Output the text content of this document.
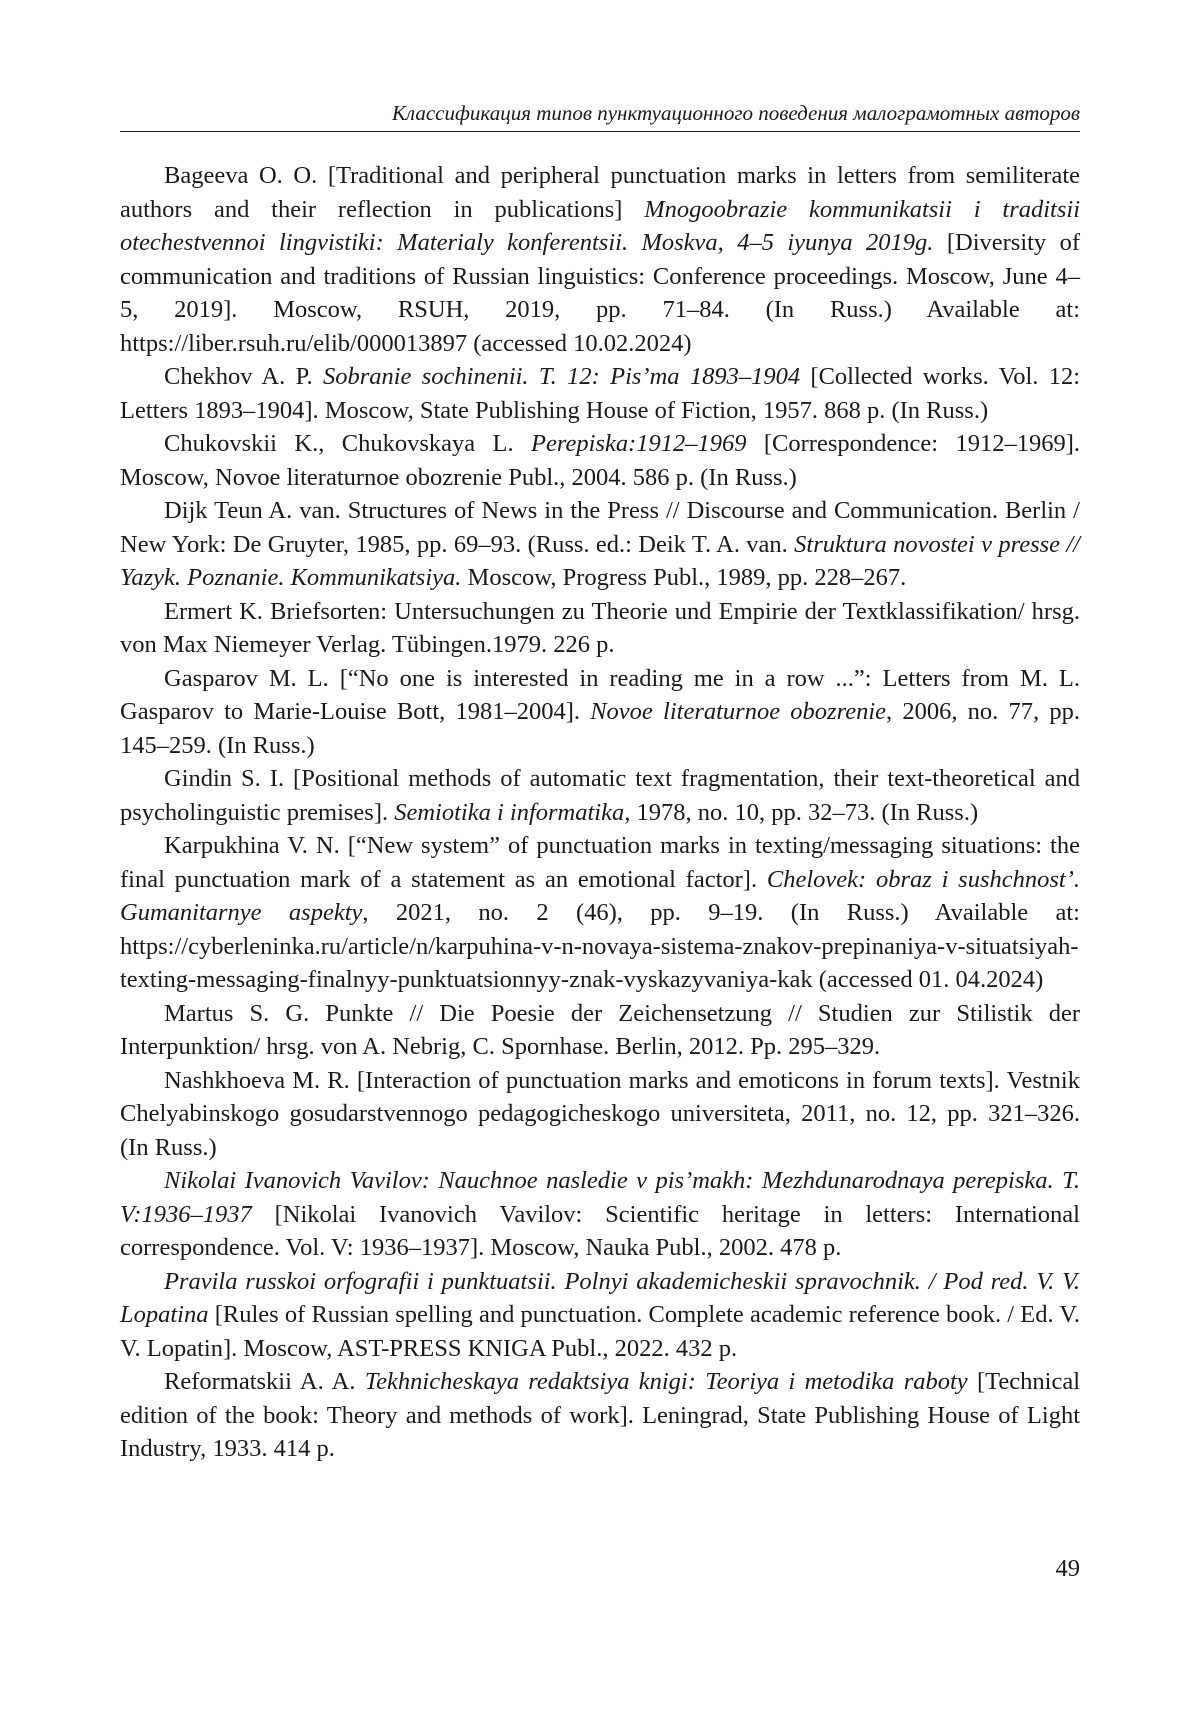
Классификация типов пунктуационного поведения малограмотных авторов

Bageeva O. O. [Traditional and peripheral punctuation marks in letters from semiliterate authors and their reflection in publications] Mnogoobrazie kommunikatsii i traditsii otechestvennoi lingvistiki: Materialy konferentsii. Moskva, 4–5 iyunya 2019g. [Diversity of communication and traditions of Russian linguistics: Conference proceedings. Moscow, June 4–5, 2019]. Moscow, RSUH, 2019, pp. 71–84. (In Russ.) Available at: https://liber.rsuh.ru/elib/000013897 (accessed 10.02.2024)

Chekhov A. P. Sobranie sochinenii. T. 12: Pis’ma 1893–1904 [Collected works. Vol. 12: Letters 1893–1904]. Moscow, State Publishing House of Fiction, 1957. 868 p. (In Russ.)

Chukovskii K., Chukovskaya L. Perepiska:1912–1969 [Correspondence: 1912–1969]. Moscow, Novoe literaturnoe obozrenie Publ., 2004. 586 p. (In Russ.)

Dijk Teun A. van. Structures of News in the Press // Discourse and Communication. Berlin / New York: De Gruyter, 1985, pp. 69–93. (Russ. ed.: Deik T. A. van. Struktura novostei v presse // Yazyk. Poznanie. Kommunikatsiya. Moscow, Progress Publ., 1989, pp. 228–267.

Ermert K. Briefsorten: Untersuchungen zu Theorie und Empirie der Textklassifikation/ hrsg. von Max Niemeyer Verlag. Tübingen.1979. 226 p.

Gasparov M. L. [“No one is interested in reading me in a row ...”: Letters from M. L. Gasparov to Marie-Louise Bott, 1981–2004]. Novoe literaturnoe obozrenie, 2006, no. 77, pp. 145–259. (In Russ.)

Gindin S. I. [Positional methods of automatic text fragmentation, their text-theoretical and psycholinguistic premises]. Semiotika i informatika, 1978, no. 10, pp. 32–73. (In Russ.)

Karpukhina V. N. [“New system” of punctuation marks in texting/messaging situations: the final punctuation mark of a statement as an emotional factor]. Chelovek: obraz i sushchnost’. Gumanitarnye aspekty, 2021, no. 2 (46), pp. 9–19. (In Russ.) Available at: https://cyberleninka.ru/article/n/karpuhina-v-n-novaya-sistema-znakov-prepinaniya-v-situatsiyah-texting-messaging-finalnyy-punktuatsionnyy-znak-vyskazyvaniya-kak (accessed 01. 04.2024)

Martus S. G. Punkte // Die Poesie der Zeichensetzung // Studien zur Stilistik der Interpunktion/ hrsg. von A. Nebrig, C. Spornhase. Berlin, 2012. Pp. 295–329.

Nashkhoeva M. R. [Interaction of punctuation marks and emoticons in forum texts]. Vestnik Chelyabinskogo gosudarstvennogo pedagogicheskogo universiteta, 2011, no. 12, pp. 321–326. (In Russ.)

Nikolai Ivanovich Vavilov: Nauchnoe nasledie v pis’makh: Mezhdunarodnaya perepiska. T. V:1936–1937 [Nikolai Ivanovich Vavilov: Scientific heritage in letters: International correspondence. Vol. V: 1936–1937]. Moscow, Nauka Publ., 2002. 478 p.

Pravila russkoi orfografii i punktuatsii. Polnyi akademicheskii spravochnik. / Pod red. V. V. Lopatina [Rules of Russian spelling and punctuation. Complete academic reference book. / Ed. V. V. Lopatin]. Moscow, AST-PRESS KNIGA Publ., 2022. 432 p.

Reformatskii A. A. Tekhnicheskaya redaktsiya knigi: Teoriya i metodika raboty [Technical edition of the book: Theory and methods of work]. Leningrad, State Publishing House of Light Industry, 1933. 414 p.

49
